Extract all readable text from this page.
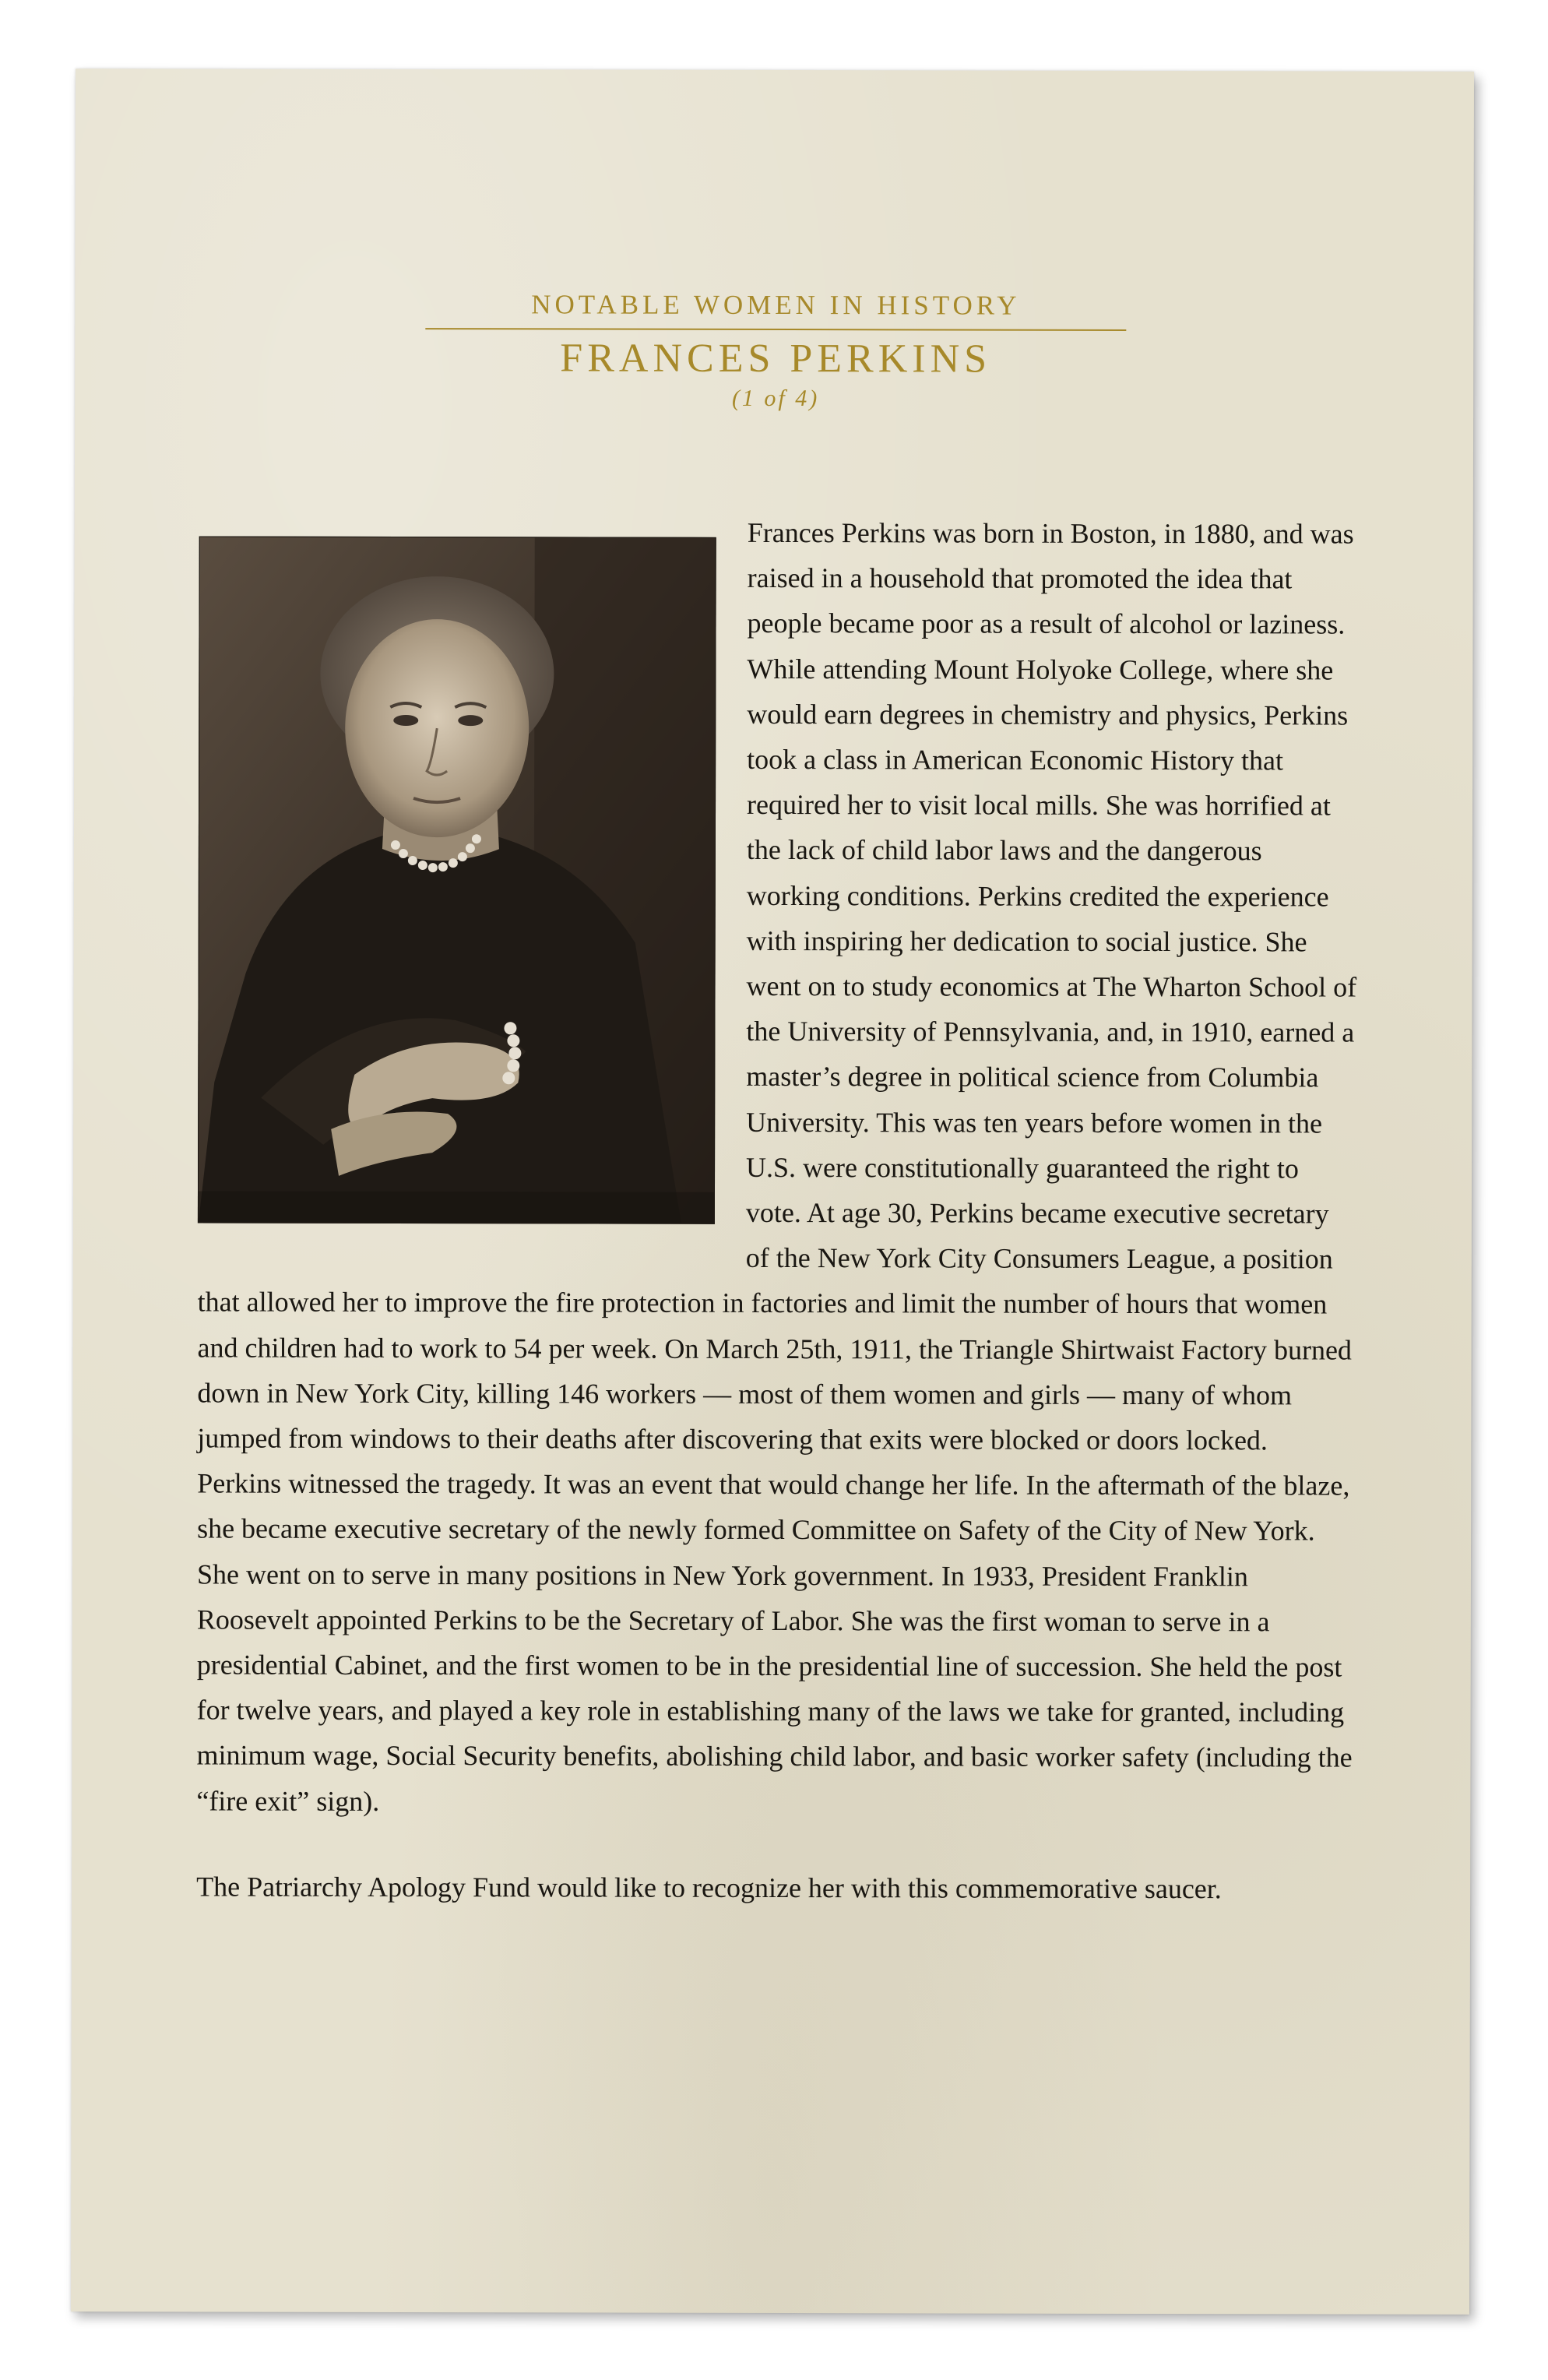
NOTABLE WOMEN IN HISTORY
FRANCES PERKINS
(1 of 4)

Frances Perkins was born in Boston, in 1880, and was raised in a household that promoted the idea that people became poor as a result of alcohol or laziness. While attending Mount Holyoke College, where she would earn degrees in chemistry and physics, Perkins took a class in American Economic History that required her to visit local mills. She was horrified at the lack of child labor laws and the dangerous working conditions. Perkins credited the experience with inspiring her dedication to social justice. She went on to study economics at The Wharton School of the University of Pennsylvania, and, in 1910, earned a master’s degree in political science from Columbia University. This was ten years before women in the U.S. were constitutionally guaranteed the right to vote. At age 30, Perkins became executive secretary of the New York City Consumers League, a position that allowed her to improve the fire protection in factories and limit the number of hours that women and children had to work to 54 per week. On March 25th, 1911, the Triangle Shirtwaist Factory burned down in New York City, killing 146 workers — most of them women and girls — many of whom jumped from windows to their deaths after discovering that exits were blocked or doors locked. Perkins witnessed the tragedy. It was an event that would change her life. In the aftermath of the blaze, she became executive secretary of the newly formed Committee on Safety of the City of New York. She went on to serve in many positions in New York government. In 1933, President Franklin Roosevelt appointed Perkins to be the Secretary of Labor. She was the first woman to serve in a presidential Cabinet, and the first women to be in the presidential line of succession. She held the post for twelve years, and played a key role in establishing many of the laws we take for granted, including minimum wage, Social Security benefits, abolishing child labor, and basic worker safety (including the “fire exit” sign).

The Patriarchy Apology Fund would like to recognize her with this commemorative saucer.
